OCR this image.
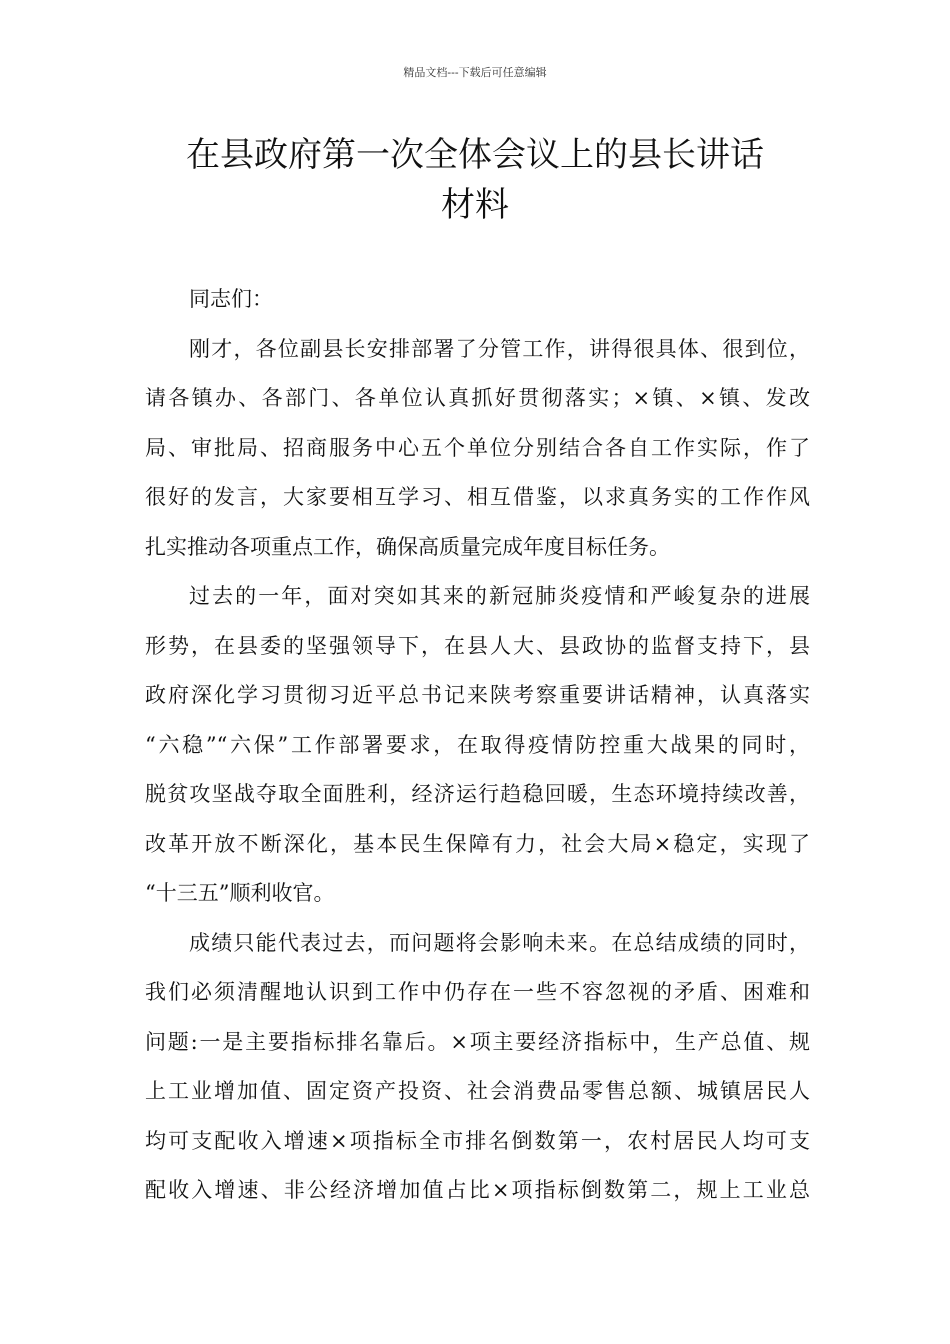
精品文档---下载后可任意编辑
在县政府第一次全体会议上的县长讲话
材料
同志们：
刚才，各位副县长安排部署了分管工作，讲得很具体、很到位，
请各镇办、各部门、各单位认真抓好贯彻落实；×镇、×镇、发改
局、审批局、招商服务中心五个单位分别结合各自工作实际，作了
很好的发言，大家要相互学习、相互借鉴，以求真务实的工作作风
扎实推动各项重点工作，确保高质量完成年度目标任务。
过去的一年，面对突如其来的新冠肺炎疫情和严峻复杂的进展
形势，在县委的坚强领导下，在县人大、县政协的监督支持下，县
政府深化学习贯彻习近平总书记来陕考察重要讲话精神，认真落实
“六稳”“六保”工作部署要求，在取得疫情防控重大战果的同时，
脱贫攻坚战夺取全面胜利，经济运行趋稳回暖，生态环境持续改善，
改革开放不断深化，基本民生保障有力，社会大局×稳定，实现了
“十三五”顺利收官。
成绩只能代表过去，而问题将会影响未来。在总结成绩的同时，
我们必须清醒地认识到工作中仍存在一些不容忽视的矛盾、困难和
问题:一是主要指标排名靠后。×项主要经济指标中，生产总值、规
上工业增加值、固定资产投资、社会消费品零售总额、城镇居民人
均可支配收入增速×项指标全市排名倒数第一，农村居民人均可支
配收入增速、非公经济增加值占比×项指标倒数第二，规上工业总
